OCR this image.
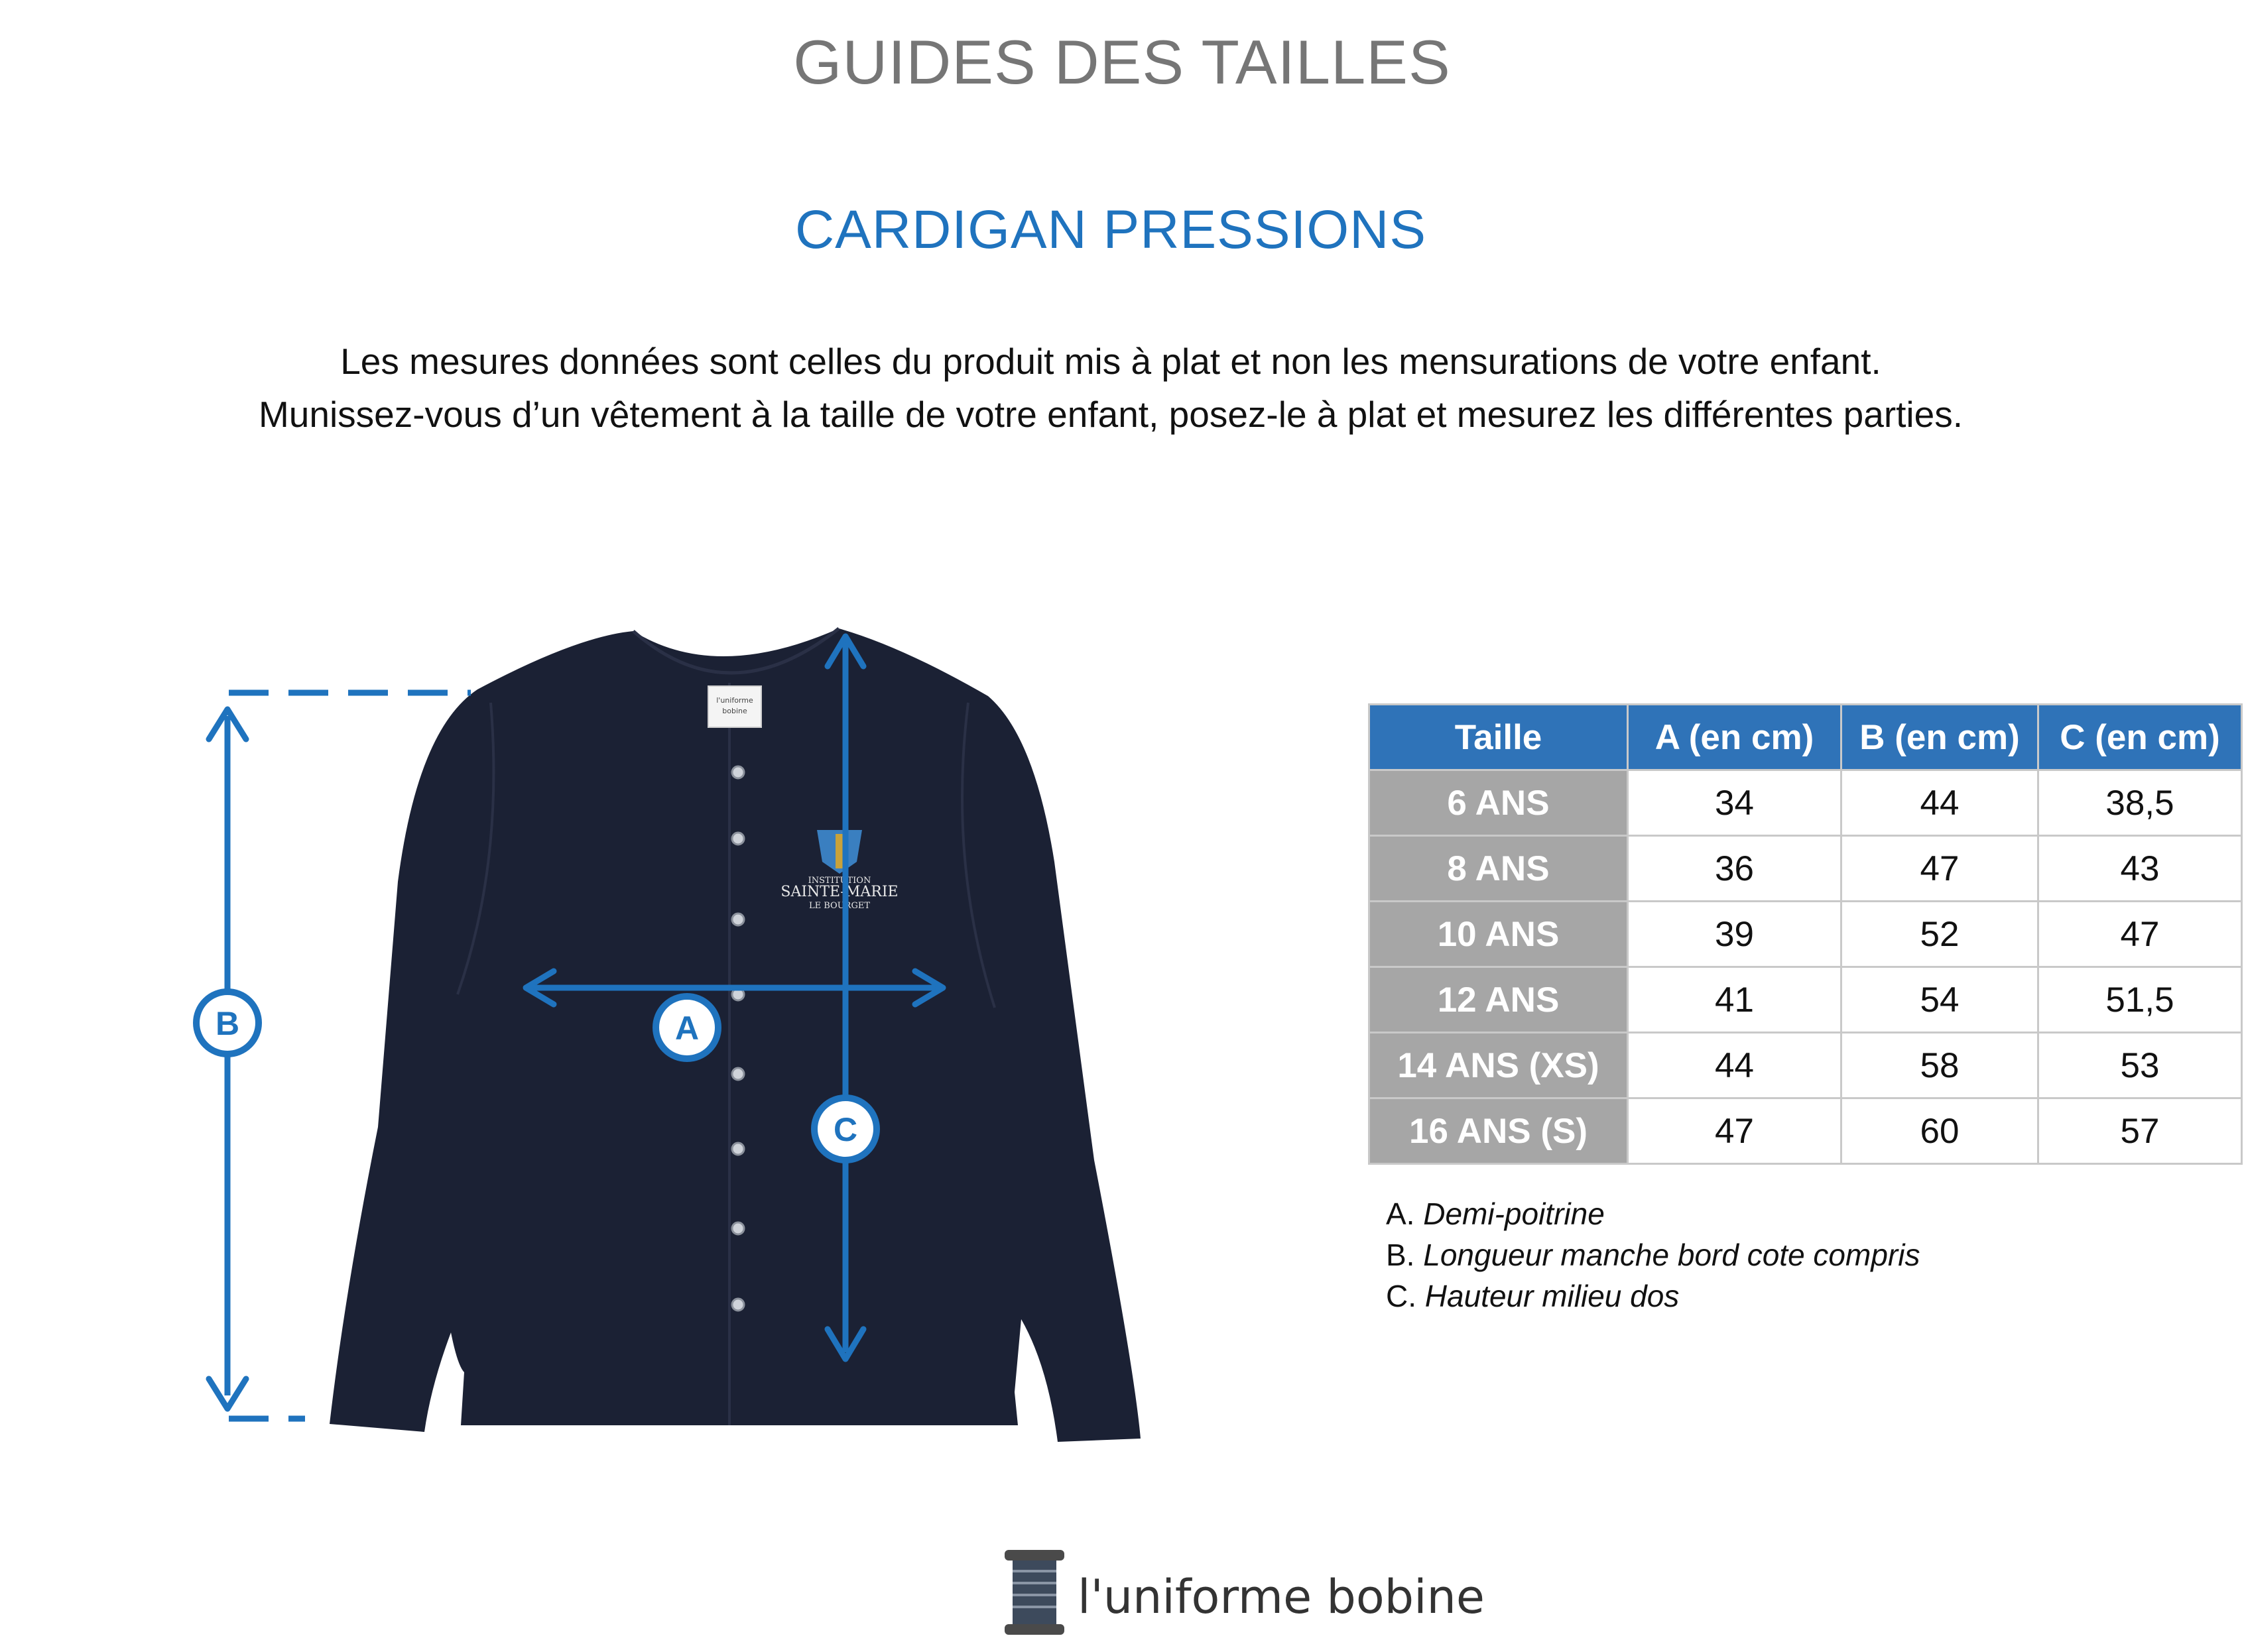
GUIDES DES TAILLES
CARDIGAN PRESSIONS
Les mesures données sont celles du produit mis à plat et non les mensurations de votre enfant.
Munissez-vous d’un vêtement à la taille de votre enfant, posez-le à plat et mesurez les différentes parties.
l'uniforme
bobine
INSTITUTION
SAINTE-MARIE
LE BOURGET
B	A
C
Taille	A (en cm)	B (en cm)	C (en cm)
6 ANS	34	44	38,5
8 ANS	36	47	43
10 ANS	39	52	47
12 ANS	41	54	51,5
14 ANS (XS)	44	58	53
16 ANS (S)	47	60	57
A. Demi-poitrine
B. Longueur manche bord cote compris
C. Hauteur milieu dos
l'uniforme bobine
